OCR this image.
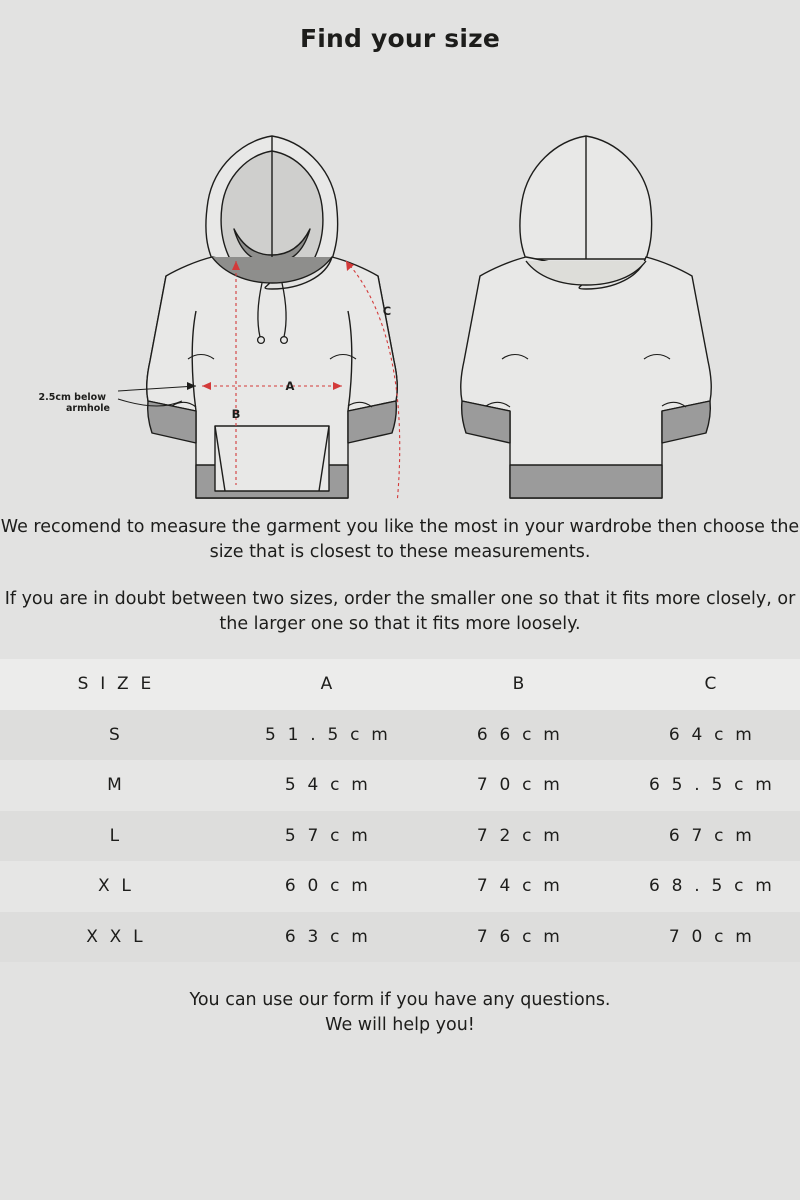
Find your size
A
B
C
2.5cm below
armhole

We recomend to measure the garment you like the most in your wardrobe then choose the size that is closest to these measurements.

If you are in doubt between two sizes, order the smaller one so that it fits more closely, or the larger one so that it fits more loosely.

S I Z E	A	B	C
S	5 1 . 5 c m	6 6 c m	6 4 c m
M	5 4 c m	7 0 c m	6 5 . 5 c m
L	5 7 c m	7 2 c m	6 7 c m
X L	6 0 c m	7 4 c m	6 8 . 5 c m
X X L	6 3 c m	7 6 c m	7 0 c m
You can use our form if you have any questions.
We will help you!
